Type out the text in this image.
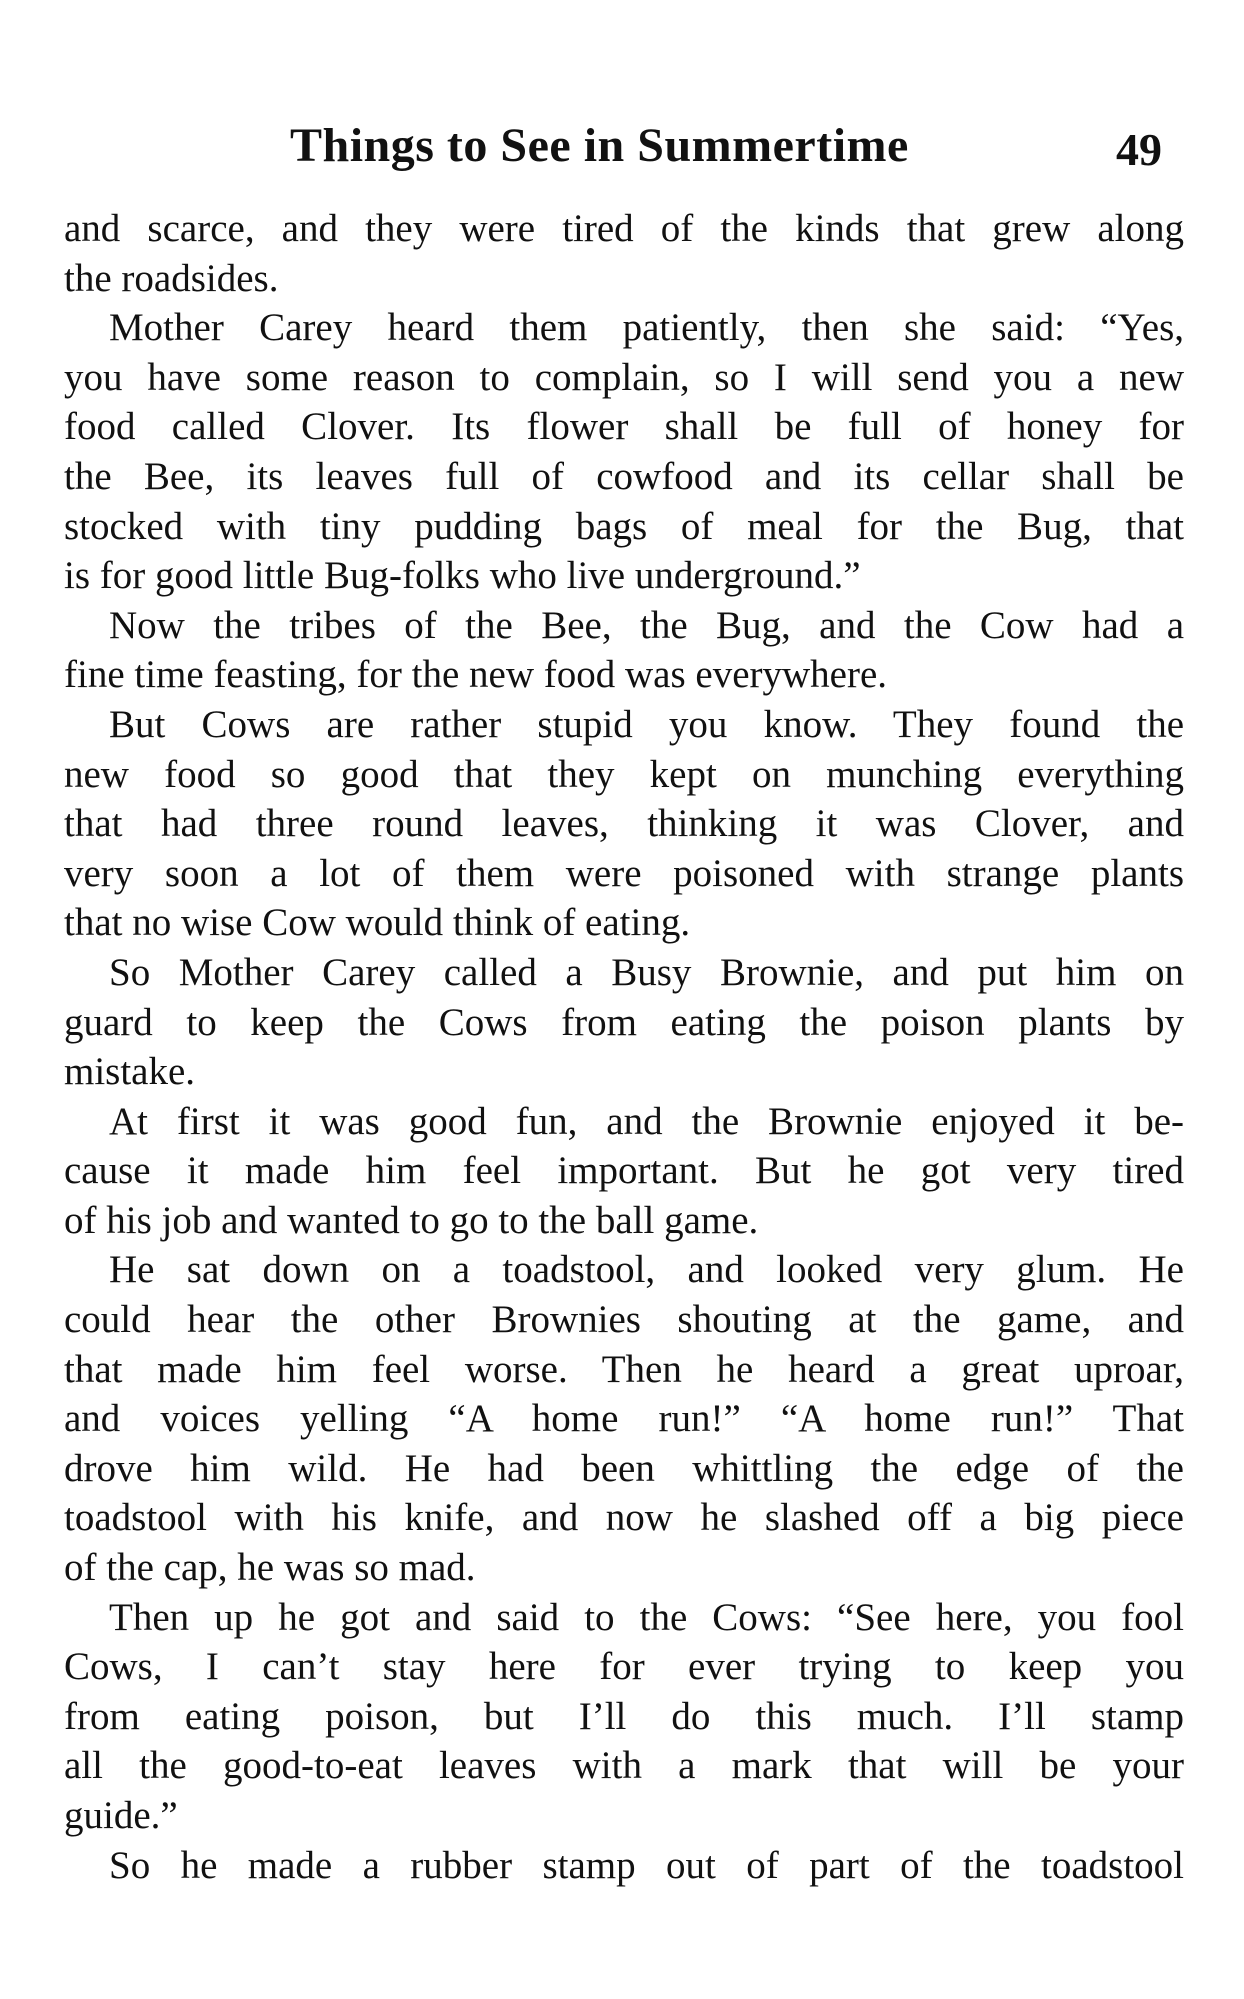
Things to See in Summertime	49
and scarce, and they were tired of the kinds that grew along
the roadsides.
Mother Carey heard them patiently, then she said: “Yes,
you have some reason to complain, so I will send you a new
food called Clover. Its flower shall be full of honey for
the Bee, its leaves full of cowfood and its cellar shall be
stocked with tiny pudding bags of meal for the Bug, that
is for good little Bug-folks who live underground.”
Now the tribes of the Bee, the Bug, and the Cow had a
fine time feasting, for the new food was everywhere.
But Cows are rather stupid you know. They found the
new food so good that they kept on munching everything
that had three round leaves, thinking it was Clover, and
very soon a lot of them were poisoned with strange plants
that no wise Cow would think of eating.
So Mother Carey called a Busy Brownie, and put him on
guard to keep the Cows from eating the poison plants by
mistake.
At first it was good fun, and the Brownie enjoyed it be-
cause it made him feel important. But he got very tired
of his job and wanted to go to the ball game.
He sat down on a toadstool, and looked very glum. He
could hear the other Brownies shouting at the game, and
that made him feel worse. Then he heard a great uproar,
and voices yelling “A home run!” “A home run!” That
drove him wild. He had been whittling the edge of the
toadstool with his knife, and now he slashed off a big piece
of the cap, he was so mad.
Then up he got and said to the Cows: “See here, you fool
Cows, I can’t stay here for ever trying to keep you
from eating poison, but I’ll do this much. I’ll stamp
all the good-to-eat leaves with a mark that will be your
guide.”
So he made a rubber stamp out of part of the toadstool
